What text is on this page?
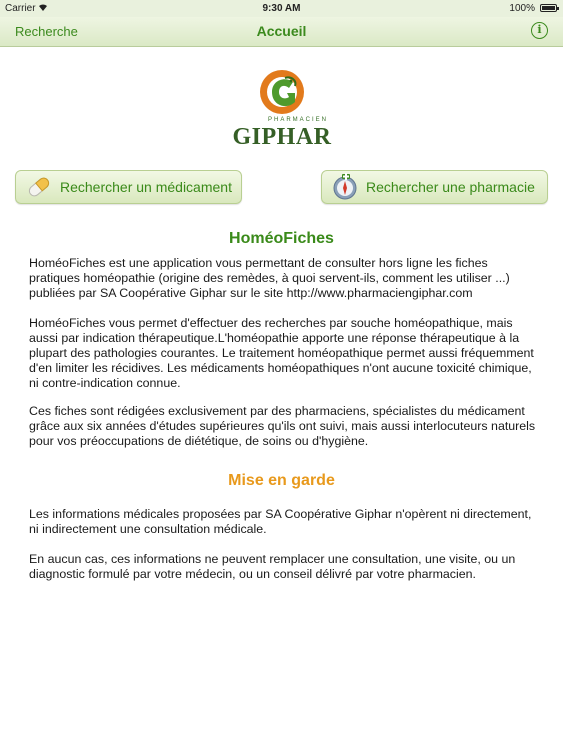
Carrier	9:30 AM	100%
Recherche	Accueil	i
PHARMACIEN
GIPHAR
Rechercher un médicament	Rechercher une pharmacie
HoméoFiches
HoméoFiches est une application vous permettant de consulter hors ligne les fiches pratiques homéopathie (origine des remèdes, à quoi servent-ils, comment les utiliser ...) publiées par SA Coopérative Giphar sur le site http://www.pharmaciengiphar.com
HoméoFiches vous permet d'effectuer des recherches par souche homéopathique, mais aussi par indication thérapeutique.L'homéopathie apporte une réponse thérapeutique à la plupart des pathologies courantes. Le traitement homéopathique permet aussi fréquemment d'en limiter les récidives. Les médicaments homéopathiques n'ont aucune toxicité chimique, ni contre-indication connue.
Ces fiches sont rédigées exclusivement par des pharmaciens, spécialistes du médicament grâce aux six années d'études supérieures qu'ils ont suivi, mais aussi interlocuteurs naturels pour vos préoccupations de diététique, de soins ou d'hygiène.
Mise en garde
Les informations médicales proposées par SA Coopérative Giphar n'opèrent ni directement, ni indirectement une consultation médicale.
En aucun cas, ces informations ne peuvent remplacer une consultation, une visite, ou un diagnostic formulé par votre médecin, ou un conseil délivré par votre pharmacien.
